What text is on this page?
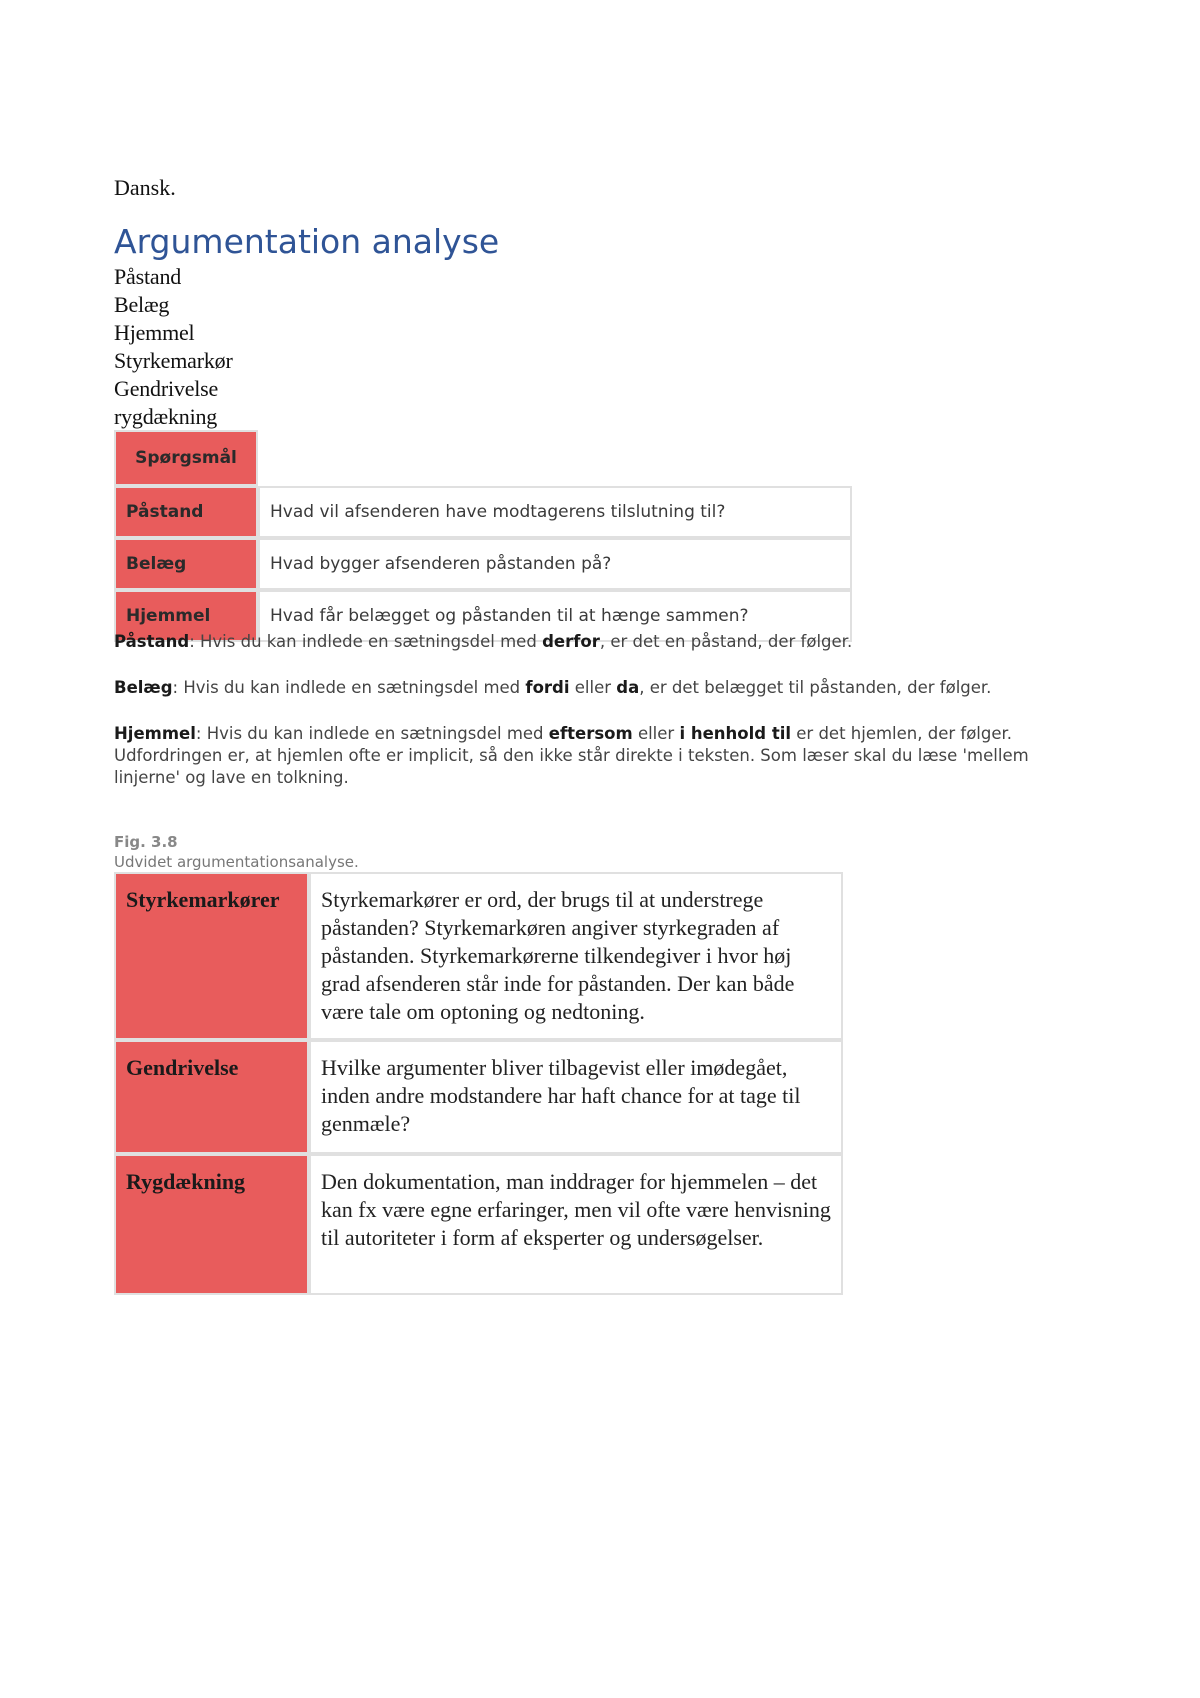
Dansk.
Argumentation analyse
Påstand
Belæg
Hjemmel
Styrkemarkør
Gendrivelse
rygdækning
Spørgsmål	
Påstand	Hvad vil afsenderen have modtagerens tilslutning til?
Belæg	Hvad bygger afsenderen påstanden på?
Hjemmel	Hvad får belægget og påstanden til at hænge sammen?

Påstand: Hvis du kan indlede en sætningsdel med derfor, er det en påstand, der følger.

Belæg: Hvis du kan indlede en sætningsdel med fordi eller da, er det belægget til påstanden, der følger.

Hjemmel: Hvis du kan indlede en sætningsdel med eftersom eller i henhold til er det hjemlen, der følger. Udfordringen er, at hjemlen ofte er implicit, så den ikke står direkte i teksten. Som læser skal du læse 'mellem linjerne' og lave en tolkning.

Fig. 3.8
Udvidet argumentationsanalyse.
Styrkemarkører	Styrkemarkører er ord, der brugs til at understrege påstanden? Styrkemarkøren angiver styrkegraden af påstanden. Styrkemarkørerne tilkendegiver i hvor høj grad afsenderen står inde for påstanden. Der kan både være tale om optoning og nedtoning.
Gendrivelse	Hvilke argumenter bliver tilbagevist eller imødegået, inden andre modstandere har haft chance for at tage til genmæle?
Rygdækning	Den dokumentation, man inddrager for hjemmelen – det kan fx være egne erfaringer, men vil ofte være henvisning til autoriteter i form af eksperter og undersøgelser.
